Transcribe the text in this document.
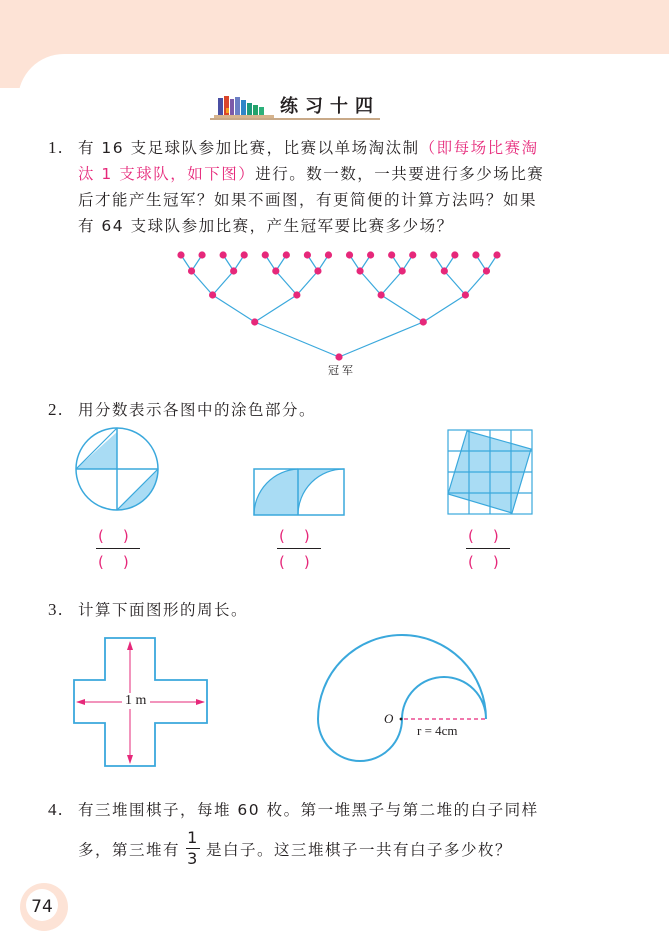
练习十四
1. 有 16 支足球队参加比赛，比赛以单场淘汰制（即每场比赛淘
汰 1 支球队，如下图）进行。数一数，一共要进行多少场比赛
后才能产生冠军？如果不画图，有更简便的计算方法吗？如果
有 64 支球队参加比赛，产生冠军要比赛多少场？
冠军
2. 用分数表示各图中的涂色部分。
(    )
(    )
(    )
(    )
(    )
(    )
3. 计算下面图形的周长。
1 m
O
r = 4cm
4. 有三堆围棋子，每堆 60 枚。第一堆黑子与第二堆的白子同样
多，第三堆有 $\frac{1}{3}$ 是白子。这三堆棋子一共有白子多少枚？
74
